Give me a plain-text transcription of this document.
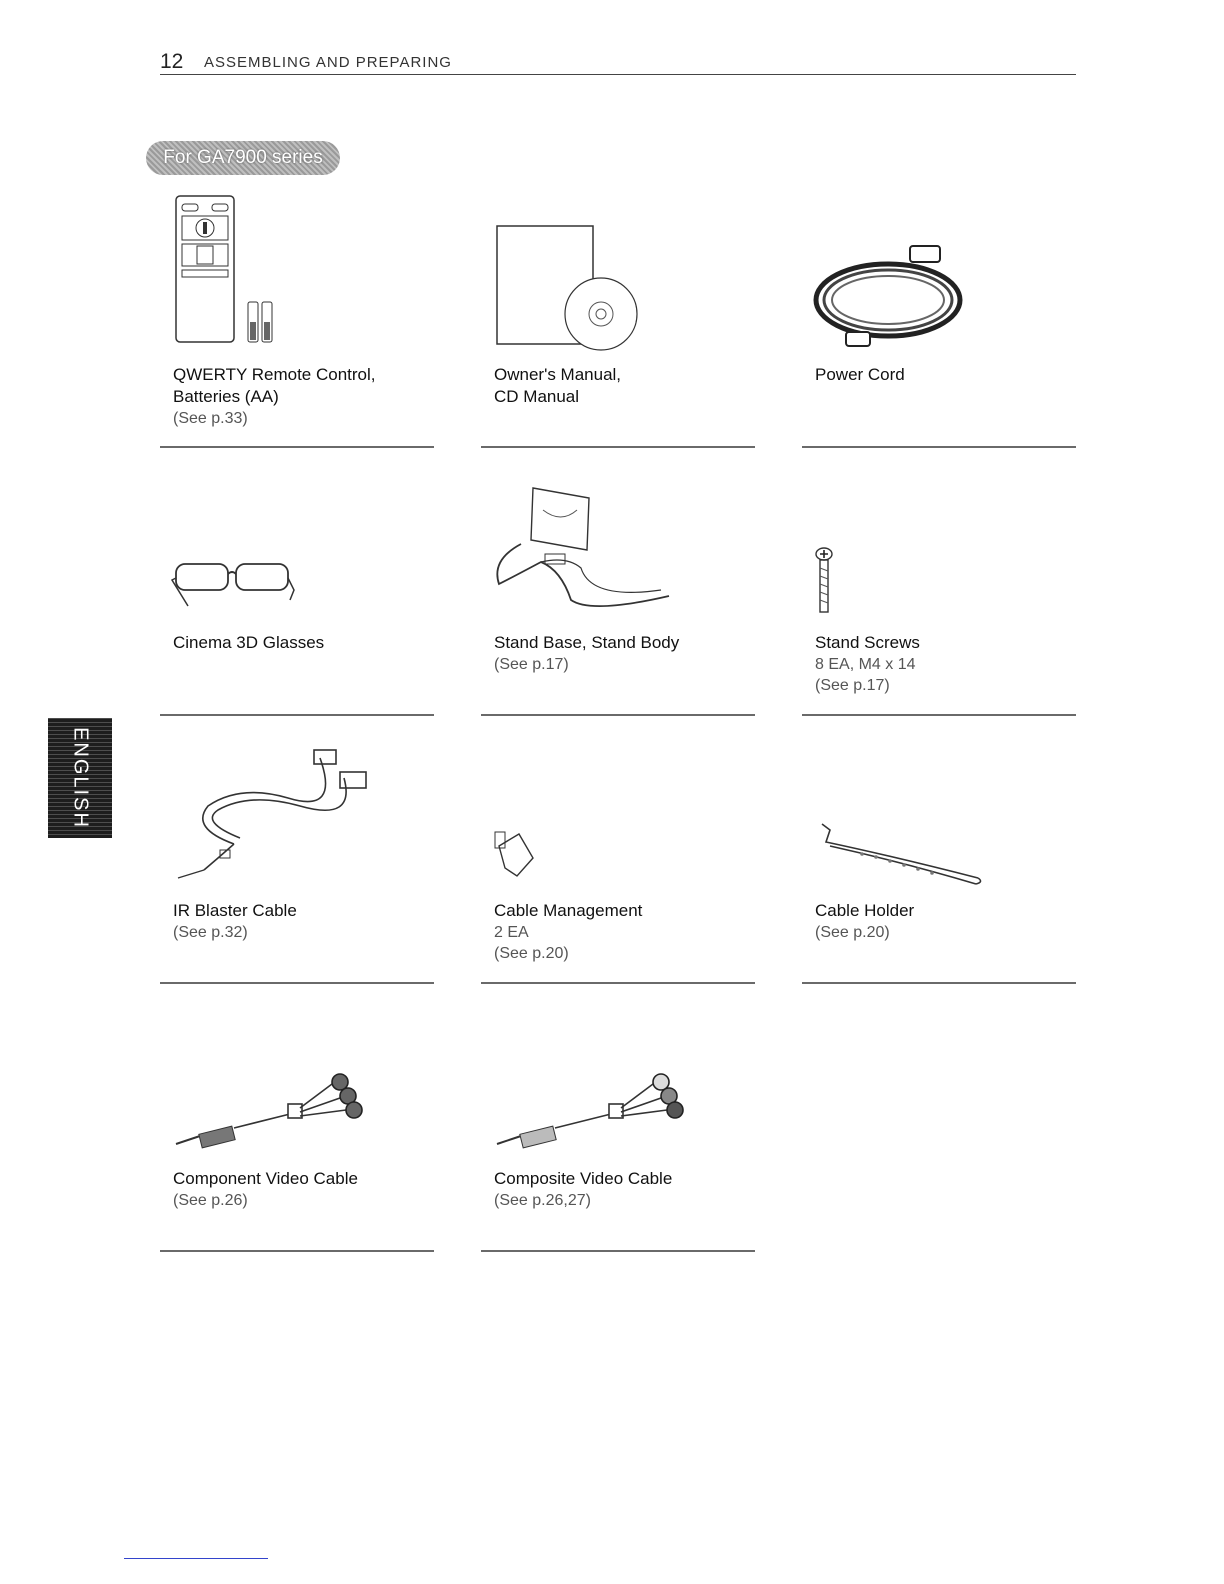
12 ASSEMBLING AND PREPARING
For GA7900 series
ENGLISH
QWERTY Remote Control,
Batteries (AA)
(See p.33)
Owner's Manual,
CD Manual
Power Cord
Cinema 3D Glasses	Stand Base, Stand Body
(See p.17)
Stand Screws
8 EA, M4 x 14
(See p.17)
IR Blaster Cable
(See p.32)
Cable Management
2 EA
(See p.20)
Cable Holder
(See p.20)
Component Video Cable
(See p.26)
Composite Video Cable
(See p.26,27)
